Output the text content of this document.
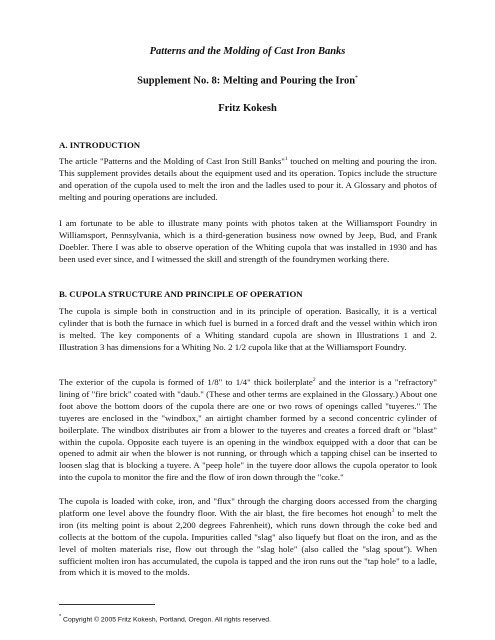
Patterns and the Molding of Cast Iron Banks
Supplement No. 8: Melting and Pouring the Iron*
Fritz Kokesh
A. INTRODUCTION

The article "Patterns and the Molding of Cast Iron Still Banks"$^1$ touched on melting and pouring the iron. This supplement provides details about the equipment used and its operation. Topics include the structure and operation of the cupola used to melt the iron and the ladles used to pour it. A Glossary and photos of melting and pouring operations are included.

I am fortunate to be able to illustrate many points with photos taken at the Williamsport Foundry in Williamsport, Pennsylvania, which is a third-generation business now owned by Jeep, Bud, and Frank Doebler. There I was able to observe operation of the Whiting cupola that was installed in 1930 and has been used ever since, and I witnessed the skill and strength of the foundrymen working there.

B. CUPOLA STRUCTURE AND PRINCIPLE OF OPERATION

The cupola is simple both in construction and in its principle of operation. Basically, it is a vertical cylinder that is both the furnace in which fuel is burned in a forced draft and the vessel within which iron is melted. The key components of a Whiting standard cupola are shown in Illustrations 1 and 2. Illustration 3 has dimensions for a Whiting No. 2 1/2 cupola like that at the Williamsport Foundry.

The exterior of the cupola is formed of 1/8" to 1/4" thick boilerplate$^2$ and the interior is a "refractory" lining of "fire brick" coated with "daub." (These and other terms are explained in the Glossary.) About one foot above the bottom doors of the cupola there are one or two rows of openings called "tuyeres." The tuyeres are enclosed in the "windbox," an airtight chamber formed by a second concentric cylinder of boilerplate. The windbox distributes air from a blower to the tuyeres and creates a forced draft or "blast" within the cupola. Opposite each tuyere is an opening in the windbox equipped with a door that can be opened to admit air when the blower is not running, or through which a tapping chisel can be inserted to loosen slag that is blocking a tuyere. A "peep hole" in the tuyere door allows the cupola operator to look into the cupola to monitor the fire and the flow of iron down through the "coke."

The cupola is loaded with coke, iron, and "flux" through the charging doors accessed from the charging platform one level above the foundry floor. With the air blast, the fire becomes hot enough$^3$ to melt the iron (its melting point is about 2,200 degrees Fahrenheit), which runs down through the coke bed and collects at the bottom of the cupola. Impurities called "slag" also liquefy but float on the iron, and as the level of molten materials rise, flow out through the "slag hole" (also called the "slag spout"). When sufficient molten iron has accumulated, the cupola is tapped and the iron runs out the "tap hole" to a ladle, from which it is moved to the molds.

* Copyright © 2005 Fritz Kokesh, Portland, Oregon. All rights reserved.
